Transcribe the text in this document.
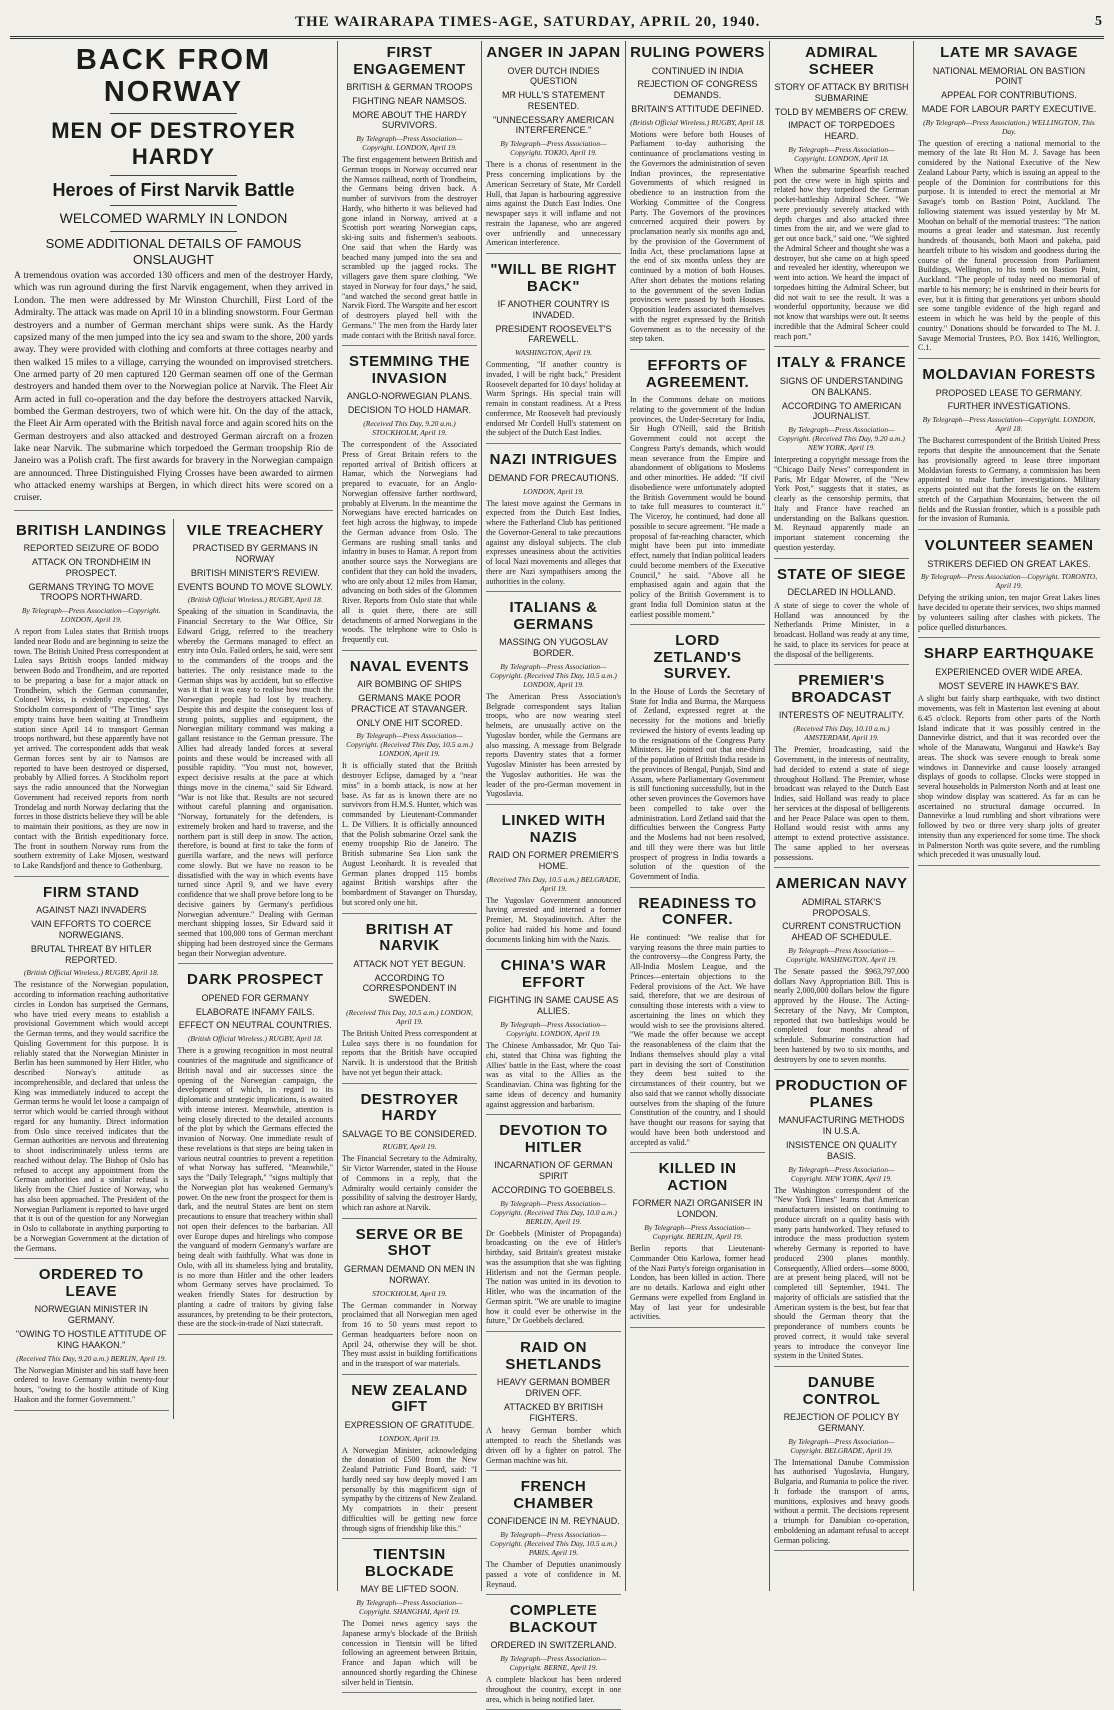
THE WAIRARAPA TIMES-AGE, SATURDAY, APRIL 20, 1940.	5
BACK FROM NORWAY
MEN OF DESTROYER HARDY
Heroes of First Narvik Battle
WELCOMED WARMLY IN LONDON
SOME ADDITIONAL DETAILS OF FAMOUS ONSLAUGHT

A tremendous ovation was accorded 130 officers and men of the destroyer Hardy, which was run aground during the first Narvik engagement, when they arrived in London. The men were addressed by Mr Winston Churchill, First Lord of the Admiralty. The attack was made on April 10 in a blinding snowstorm. Four German destroyers and a number of German merchant ships were sunk. As the Hardy capsized many of the men jumped into the icy sea and swam to the shore, 200 yards away. They were provided with clothing and comforts at three cottages nearby and then walked 15 miles to a village, carrying the wounded on improvised stretchers. One armed party of 20 men captured 120 German seamen off one of the German destroyers and handed them over to the Norwegian police at Narvik. The Fleet Air Arm acted in full co-operation and the day before the destroyers attacked Narvik, bombed the German destroyers, two of which were hit. On the day of the attack, the Fleet Air Arm operated with the British naval force and again scored hits on the German destroyers and also attacked and destroyed German aircraft on a frozen lake near Narvik. The submarine which torpedoed the German troopship Rio de Janeiro was a Polish craft. The first awards for bravery in the Norwegian campaign are announced. Three Distinguished Flying Crosses have been awarded to airmen who attacked enemy warships at Bergen, in which direct hits were scored on a cruiser.

BRITISH LANDINGS
REPORTED SEIZURE OF BODO
ATTACK ON TRONDHEIM IN PROSPECT.
GERMANS TRYING TO MOVE TROOPS NORTHWARD.
By Telegraph—Press Association—Copyright. LONDON, April 19.

A report from Lulea states that British troops landed near Bodo and are beginning to seize the town. The British United Press correspondent at Lulea says British troops landed midway between Bodo and Trondheim, and are reported to be preparing a base for a major attack on Trondheim, which the German commander, Colonel Weiss, is evidently expecting. The Stockholm correspondent of "The Times" says empty trains have been waiting at Trondheim station since April 14 to transport German troops northward, but these apparently have not yet arrived. The correspondent adds that weak German forces sent by air to Namsos are reported to have been destroyed or dispersed, probably by Allied forces. A Stockholm report says the radio announced that the Norwegian Government had received reports from north Trondelag and north Norway declaring that the forces in those districts believe they will be able to maintain their positions, as they are now in contact with the British expeditionary force. The front in southern Norway runs from the southern extremity of Lake Mjosen, westward to Lake Randsfjord and thence to Gothenburg.

FIRM STAND
AGAINST NAZI INVADERS
VAIN EFFORTS TO COERCE NORWEGIANS.
BRUTAL THREAT BY HITLER REPORTED.
(British Official Wireless.) RUGBY, April 18.

The resistance of the Norwegian population, according to information reaching authoritative circles in London has surprised the Germans, who have tried every means to establish a provisional Government which would accept the German terms, and they would sacrifice the Quisling Government for this purpose. It is reliably stated that the Norwegian Minister in Berlin has been summoned by Herr Hitler, who described Norway's attitude as incomprehensible, and declared that unless the King was immediately induced to accept the German terms he would let loose a campaign of terror which would be carried through without regard for any humanity. Direct information from Oslo since received indicates that the German authorities are nervous and threatening to shoot indiscriminately unless terms are reached without delay. The Bishop of Oslo has refused to accept any appointment from the German authorities and a similar refusal is likely from the Chief Justice of Norway, who has also been approached. The President of the Norwegian Parliament is reported to have urged that it is out of the question for any Norwegian in Oslo to collaborate in anything purporting to be a Norwegian Government at the dictation of the Germans.

ORDERED TO LEAVE
NORWEGIAN MINISTER IN GERMANY.
"OWING TO HOSTILE ATTITUDE OF KING HAAKON."
(Received This Day, 9.20 a.m.) BERLIN, April 19.

The Norwegian Minister and his staff have been ordered to leave Germany within twenty-four hours, "owing to the hostile attitude of King Haakon and the former Government."

VILE TREACHERY
PRACTISED BY GERMANS IN NORWAY
BRITISH MINISTER'S REVIEW.
EVENTS BOUND TO MOVE SLOWLY.
(British Official Wireless.) RUGBY, April 18.

Speaking of the situation in Scandinavia, the Financial Secretary to the War Office, Sir Edward Grigg, referred to the treachery whereby the Germans managed to effect an entry into Oslo. Failed orders, he said, were sent to the commanders of the troops and the batteries. The only resistance made to the German ships was by accident, but so effective was it that it was easy to realise how much the Norwegian people had lost by treachery. Despite this and despite the consequent loss of strong points, supplies and equipment, the Norwegian military command was making a gallant resistance to the German pressure. The Allies had already landed forces at several points and these would be increased with all possible rapidity. "You must not, however, expect decisive results at the pace at which things move in the cinema," said Sir Edward. "War is not like that. Results are not secured without careful planning and organisation. "Norway, fortunately for the defenders, is extremely broken and hard to traverse, and the northern part is still deep in snow. The action, therefore, is bound at first to take the form of guerilla warfare, and the news will perforce come slowly. But we have no reason to be dissatisfied with the way in which events have turned since April 9, and we have every confidence that we shall prove before long to be decisive gainers by Germany's perfidious Norwegian adventure." Dealing with German merchant shipping losses, Sir Edward said it seemed that 100,000 tons of German merchant shipping had been destroyed since the Germans began their Norwegian adventure.

DARK PROSPECT
OPENED FOR GERMANY
ELABORATE INFAMY FAILS.
EFFECT ON NEUTRAL COUNTRIES.
(British Official Wireless.) RUGBY, April 18.

There is a growing recognition in most neutral countries of the magnitude and significance of British naval and air successes since the opening of the Norwegian campaign, the development of which, in regard to its diplomatic and strategic implications, is awaited with intense interest. Meanwhile, attention is being closely directed to the detailed accounts of the plot by which the Germans effected the invasion of Norway. One immediate result of these revelations is that steps are being taken in various neutral countries to prevent a repetition of what Norway has suffered. "Meanwhile," says the "Daily Telegraph," "signs multiply that the Norwegian plot has weakened Germany's power. On the new front the prospect for them is dark, and the neutral States are bent on stern precautions to ensure that treachery within shall not open their defences to the barbarian. All over Europe dupes and hirelings who compose the vanguard of modern Germany's warfare are being dealt with faithfully. What was done in Oslo, with all its shameless lying and brutality, is no more than Hitler and the other leaders whom Germany serves have proclaimed. To weaken friendly States for destruction by planting a cadre of traitors by giving false assurances, by pretending to be their protectors, these are the stock-in-trade of Nazi statecraft.

FIRST ENGAGEMENT
BRITISH & GERMAN TROOPS
FIGHTING NEAR NAMSOS.
MORE ABOUT THE HARDY SURVIVORS.
By Telegraph—Press Association—Copyright. LONDON, April 19.

The first engagement between British and German troops in Norway occurred near the Namsos railhead, north of Trondheim, the Germans being driven back. A number of survivors from the destroyer Hardy, who hitherto it was believed had gone inland in Norway, arrived at a Scottish port wearing Norwegian caps, ski-ing suits and fishermen's seaboots. One said that when the Hardy was beached many jumped into the sea and scrambled up the jagged rocks. The villagers gave them spare clothing. "We stayed in Norway for four days," he said, "and watched the second great battle in Narvik Fiord. The Warspite and her escort of destroyers played hell with the Germans." The men from the Hardy later made contact with the British naval force.

STEMMING THE INVASION
ANGLO-NORWEGIAN PLANS.
DECISION TO HOLD HAMAR.
(Received This Day, 9.20 a.m.) STOCKHOLM, April 19.

The correspondent of the Associated Press of Great Britain refers to the reported arrival of British officers at Hamar, which the Norwegians had prepared to evacuate, for an Anglo-Norwegian offensive farther northward, probably at Elverum. In the meantime the Norwegians have erected barricades on feet high across the highway, to impede the German advance from Oslo. The Germans are rushing small tanks and infantry in buses to Hamar. A report from another source says the Norwegians are confident that they can hold the invaders, who are only about 12 miles from Hamar, advancing on both sides of the Glommen River. Reports from Oslo state that while all is quiet there, there are still detachments of armed Norwegians in the woods. The telephone wire to Oslo is frequently cut.

NAVAL EVENTS
AIR BOMBING OF SHIPS
GERMANS MAKE POOR PRACTICE AT STAVANGER.
ONLY ONE HIT SCORED.
By Telegraph—Press Association—Copyright. (Received This Day, 10.5 a.m.) LONDON, April 19.

It is officially stated that the British destroyer Eclipse, damaged by a "near miss" in a bomb attack, is now at her base. As far as is known there are no survivors from H.M.S. Hunter, which was commanded by Lieutenant-Commander L. De Villiers. It is officially announced that the Polish submarine Orzel sank the enemy troopship Rio de Janeiro. The British submarine Sea Lion sank the August Leonhardt. It is revealed that German planes dropped 115 bombs against British warships after the bombardment of Stavanger on Thursday, but scored only one hit.

BRITISH AT NARVIK
ATTACK NOT YET BEGUN.
ACCORDING TO CORRESPONDENT IN SWEDEN.
(Received This Day, 10.5 a.m.) LONDON, April 19.

The British United Press correspondent at Lulea says there is no foundation for reports that the British have occupied Narvik. It is understood that the British have not yet begun their attack.

DESTROYER HARDY
SALVAGE TO BE CONSIDERED.
RUGBY, April 19.

The Financial Secretary to the Admiralty, Sir Victor Warrender, stated in the House of Commons in a reply, that the Admiralty would certainly consider the possibility of salving the destroyer Hardy, which ran ashore at Narvik.

SERVE OR BE SHOT
GERMAN DEMAND ON MEN IN NORWAY.
STOCKHOLM, April 19.

The German commander in Norway proclaimed that all Norwegian men aged from 16 to 50 years must report to German headquarters before noon on April 24, otherwise they will be shot. They must assist in building fortifications and in the transport of war materials.

NEW ZEALAND GIFT
EXPRESSION OF GRATITUDE.
LONDON, April 19.

A Norwegian Minister, acknowledging the donation of £500 from the New Zealand Patriotic Fund Board, said: "I hardly need say how deeply moved I am personally by this magnificent sign of sympathy by the citizens of New Zealand. My compatriots in their present difficulties will be getting new force through signs of friendship like this."

TIENTSIN BLOCKADE
MAY BE LIFTED SOON.
By Telegraph—Press Association—Copyright. SHANGHAI, April 19.

The Domei news agency says the Japanese army's blockade of the British concession in Tientsin will be lifted following an agreement between Britain, France and Japan which will be announced shortly regarding the Chinese silver held in Tientsin.

ANGER IN JAPAN
OVER DUTCH INDIES QUESTION
MR HULL'S STATEMENT RESENTED.
"UNNECESSARY AMERICAN INTERFERENCE."
By Telegraph—Press Association—Copyright. TOKIO, April 19.

There is a chorus of resentment in the Press concerning implications by the American Secretary of State, Mr Cordell Hull, that Japan is harbouring aggressive aims against the Dutch East Indies. One newspaper says it will inflame and not restrain the Japanese, who are angered over unfriendly and unnecessary American interference.

"WILL BE RIGHT BACK"
IF ANOTHER COUNTRY IS INVADED.
PRESIDENT ROOSEVELT'S FAREWELL.
WASHINGTON, April 19.

Commenting, "If another country is invaded, I will be right back," President Roosevelt departed for 10 days' holiday at Warm Springs. His special train will remain in constant readiness. At a Press conference, Mr Roosevelt had previously endorsed Mr Cordell Hull's statement on the subject of the Dutch East Indies.

NAZI INTRIGUES
DEMAND FOR PRECAUTIONS.
LONDON, April 19.

The latest move against the Germans in expected from the Dutch East Indies, where the Fatherland Club has petitioned the Governor-General to take precautions against any disloyal subjects. The club expresses uneasiness about the activities of local Nazi movements and alleges that there are Nazi sympathisers among the authorities in the colony.

ITALIANS & GERMANS
MASSING ON YUGOSLAV BORDER.
By Telegraph—Press Association—Copyright. (Received This Day, 10.5 a.m.) LONDON, April 19.

The American Press Association's Belgrade correspondent says Italian troops, who are now wearing steel helmets, are unusually active on the Yugoslav border, while the Germans are also massing. A message from Belgrade reports Daventry states that a former Yugoslav Minister has been arrested by the Yugoslav authorities. He was the leader of the pro-German movement in Yugoslavia.

LINKED WITH NAZIS
RAID ON FORMER PREMIER'S HOME.
(Received This Day, 10.5 a.m.) BELGRADE, April 19.

The Yugoslav Government announced having arrested and interned a former Premier, M. Stoyadinovitch. After the police had raided his home and found documents linking him with the Nazis.

CHINA'S WAR EFFORT
FIGHTING IN SAME CAUSE AS ALLIES.
By Telegraph—Press Association—Copyright. LONDON, April 19.

The Chinese Ambassador, Mr Quo Tai-chi, stated that China was fighting the Allies' battle in the East, where the coast was as vital to the Allies as the Scandinavian. China was fighting for the same ideas of decency and humanity against aggression and barbarism.

DEVOTION TO HITLER
INCARNATION OF GERMAN SPIRIT
ACCORDING TO GOEBBELS.
By Telegraph—Press Association—Copyright. (Received This Day, 10.0 a.m.) BERLIN, April 19.

Dr Goebbels (Minister of Propaganda) broadcasting on the eve of Hitler's birthday, said Britain's greatest mistake was the assumption that she was fighting Hitlerism and not the German people. The nation was united in its devotion to Hitler, who was the incarnation of the German spirit. "We are unable to imagine how it could ever be otherwise in the future," Dr Goebbels declared.

RAID ON SHETLANDS
HEAVY GERMAN BOMBER DRIVEN OFF.
ATTACKED BY BRITISH FIGHTERS.

A heavy German bomber which attempted to reach the Shetlands was driven off by a fighter on patrol. The German machine was hit.

FRENCH CHAMBER
CONFIDENCE IN M. REYNAUD.
By Telegraph—Press Association—Copyright. (Received This Day, 10.5 a.m.) PARIS, April 19.

The Chamber of Deputies unanimously passed a vote of confidence in M. Reynaud.

COMPLETE BLACKOUT
ORDERED IN SWITZERLAND.
By Telegraph—Press Association—Copyright. BERNE, April 19.

A complete blackout has been ordered throughout the country, except in one area, which is being notified later.

RULING POWERS
CONTINUED IN INDIA
REJECTION OF CONGRESS DEMANDS.
BRITAIN'S ATTITUDE DEFINED.
(British Official Wireless.) RUGBY, April 18.

Motions were before both Houses of Parliament to-day authorising the continuance of proclamations vesting in the Governors the administration of seven Indian provinces, the representative Governments of which resigned in obedience to an instruction from the Working Committee of the Congress Party. The Governors of the provinces concerned acquired their powers by proclamation nearly six months ago and, by the provision of the Government of India Act, these proclamations lapse at the end of six months unless they are continued by a motion of both Houses. After short debates the motions relating to the government of the seven Indian provinces were passed by both Houses. Opposition leaders associated themselves with the regret expressed by the British Government as to the necessity of the step taken.

EFFORTS OF AGREEMENT.

In the Commons debate on motions relating to the government of the Indian provinces, the Under-Secretary for India, Sir Hugh O'Neill, said the British Government could not accept the Congress Party's demands, which would mean severance from the Empire and abandonment of obligations to Moslems and other minorities. He added: "If civil disobedience were unfortunately adopted the British Government would be bound to take full measures to counteract it." The Viceroy, he continued, had done all possible to secure agreement. "He made a proposal of far-reaching character, which might have been put into immediate effect, namely that Indian political leaders could become members of the Executive Council," he said. "Above all he emphasised again and again that the policy of the British Government is to grant India full Dominion status at the earliest possible moment."

LORD ZETLAND'S SURVEY.

In the House of Lords the Secretary of State for India and Burma, the Marquess of Zetland, expressed regret at the necessity for the motions and briefly reviewed the history of events leading up to the resignations of the Congress Party Ministers. He pointed out that one-third of the population of British India reside in the provinces of Bengal, Punjab, Sind and Assam, where Parliamentary Government is still functioning successfully, but in the other seven provinces the Governors have been compelled to take over the administration. Lord Zetland said that the difficulties between the Congress Party and the Moslems had not been resolved, and till they were there was but little prospect of progress in India towards a solution of the question of the Government of India.

READINESS TO CONFER.

He continued: "We realise that for varying reasons the three main parties to the controversy—the Congress Party, the All-India Moslem League, and the Princes—entertain objections to the Federal provisions of the Act. We have said, therefore, that we are desirous of consulting those interests with a view to ascertaining the lines on which they would wish to see the provisions altered. "We made the offer because we accept the reasonableness of the claim that the Indians themselves should play a vital part in devising the sort of Constitution they deem best suited to the circumstances of their country, but we also said that we cannot wholly dissociate ourselves from the shaping of the future Constitution of the country, and I should have thought our reasons for saying that would have been both understood and accepted as valid."

KILLED IN ACTION
FORMER NAZI ORGANISER IN LONDON.
By Telegraph—Press Association—Copyright. BERLIN, April 19.

Berlin reports that Lieutenant-Commander Otto Karlowa, former head of the Nazi Party's foreign organisation in London, has been killed in action. There are no details. Karlowa and eight other Germans were expelled from England in May of last year for undesirable activities.

ADMIRAL SCHEER
STORY OF ATTACK BY BRITISH SUBMARINE
TOLD BY MEMBERS OF CREW.
IMPACT OF TORPEDOES HEARD.
By Telegraph—Press Association—Copyright. LONDON, April 18.

When the submarine Spearfish reached port the crew were in high spirits and related how they torpedoed the German pocket-battleship Admiral Scheer. "We were previously severely attacked with depth charges and also attacked three times from the air, and we were glad to get out once back," said one. "We sighted the Admiral Scheer and thought she was a destroyer, but she came on at high speed and revealed her identity, whereupon we went into action. We heard the impact of torpedoes hitting the Admiral Scheer, but did not wait to see the result. It was a wonderful opportunity, because we did not know that warships were out. It seems incredible that the Admiral Scheer could reach port."

ITALY & FRANCE
SIGNS OF UNDERSTANDING ON BALKANS.
ACCORDING TO AMERICAN JOURNALIST.
By Telegraph—Press Association—Copyright. (Received This Day, 9.20 a.m.) NEW YORK, April 19.

Interpreting a copyright message from the "Chicago Daily News" correspondent in Paris, Mr Edgar Mowrer, of the "New York Post," suggests that it states, as clearly as the censorship permits, that Italy and France have reached an understanding on the Balkans question. M. Reynaud apparently made an important statement concerning the question yesterday.

STATE OF SIEGE
DECLARED IN HOLLAND.

A state of siege to cover the whole of Holland was announced by the Netherlands Prime Minister, in a broadcast. Holland was ready at any time, he said, to place its services for peace at the disposal of the belligerents.

PREMIER'S BROADCAST
INTERESTS OF NEUTRALITY.
(Received This Day, 10.10 a.m.) AMSTERDAM, April 19.

The Premier, broadcasting, said the Government, in the interests of neutrality, had decided to extend a state of siege throughout Holland. The Premier, whose broadcast was relayed to the Dutch East Indies, said Holland was ready to place her services at the disposal of belligerents and her Peace Palace was open to them. Holland would resist with arms any attempt to extend protective assistance. The same applied to her overseas possessions.

AMERICAN NAVY
ADMIRAL STARK'S PROPOSALS.
CURRENT CONSTRUCTION AHEAD OF SCHEDULE.
By Telegraph—Press Association—Copyright. WASHINGTON, April 19.

The Senate passed the $963,797,000 dollars Navy Appropriation Bill. This is nearly 2,000,000 dollars below the figure approved by the House. The Acting-Secretary of the Navy, Mr Compton, reported that two battleships would be completed four months ahead of schedule. Submarine construction had been hastened by two to six months, and destroyers by one to seven months.

PRODUCTION OF PLANES
MANUFACTURING METHODS IN U.S.A.
INSISTENCE ON QUALITY BASIS.
By Telegraph—Press Association—Copyright. NEW YORK, April 19.

The Washington correspondent of the "New York Times" learns that American manufacturers insisted on continuing to produce aircraft on a quality basis with many parts handworked. They refused to introduce the mass production system whereby Germany is reported to have produced 2300 planes monthly. Consequently, Allied orders—some 8000, are at present being placed, will not be completed till September, 1941. The majority of officials are satisfied that the American system is the best, but fear that should the German theory that the preponderance of numbers counts be proved correct, it would take several years to introduce the conveyor line system in the United States.

DANUBE CONTROL
REJECTION OF POLICY BY GERMANY.
By Telegraph—Press Association—Copyright. BELGRADE, April 19.

The International Danube Commission has authorised Yugoslavia, Hungary, Bulgaria, and Rumania to police the river. It forbade the transport of arms, munitions, explosives and heavy goods without a permit. The decisions represent a triumph for Danubian co-operation, emboldening an adamant refusal to accept German policing.

LATE MR SAVAGE
NATIONAL MEMORIAL ON BASTION POINT
APPEAL FOR CONTRIBUTIONS.
MADE FOR LABOUR PARTY EXECUTIVE.
(By Telegraph—Press Association.) WELLINGTON, This Day.

The question of erecting a national memorial to the memory of the late Rt Hon M. J. Savage has been considered by the National Executive of the New Zealand Labour Party, which is issuing an appeal to the people of the Dominion for contributions for this purpose. It is intended to erect the memorial at Mr Savage's tomb on Bastion Point, Auckland. The following statement was issued yesterday by Mr M. Moohan on behalf of the memorial trustees: "The nation mourns a great leader and statesman. Just recently hundreds of thousands, both Maori and pakeha, paid heartfelt tribute to his wisdom and goodness during the course of the funeral procession from Parliament Buildings, Wellington, to his tomb on Bastion Point, Auckland. "The people of today need no memorial of marble to his memory; he is enshrined in their hearts for ever, but it is fitting that generations yet unborn should see some tangible evidence of the high regard and esteem in which he was held by the people of this country." Donations should be forwarded to The M. J. Savage Memorial Trustees, P.O. Box 1416, Wellington, C.1.

MOLDAVIAN FORESTS
PROPOSED LEASE TO GERMANY.
FURTHER INVESTIGATIONS.
By Telegraph—Press Association—Copyright. LONDON, April 18.

The Bucharest correspondent of the British United Press reports that despite the announcement that the Senate has provisionally agreed to lease three important Moldavian forests to Germany, a commission has been appointed to make further investigations. Military experts pointed out that the forests lie on the eastern stretch of the Carpathian Mountains, between the oil fields and the Russian frontier, which is a possible path for the invasion of Rumania.

VOLUNTEER SEAMEN
STRIKERS DEFIED ON GREAT LAKES.
By Telegraph—Press Association—Copyright. TORONTO, April 19.

Defying the striking union, ten major Great Lakes lines have decided to operate their services, two ships manned by volunteers sailing after clashes with pickets. The police quelled disturbances.

SHARP EARTHQUAKE
EXPERIENCED OVER WIDE AREA.
MOST SEVERE IN HAWKE'S BAY.

A slight but fairly sharp earthquake, with two distinct movements, was felt in Masterton last evening at about 6.45 o'clock. Reports from other parts of the North Island indicate that it was possibly centred in the Dannevirke district, and that it was recorded over the whole of the Manawatu, Wanganui and Hawke's Bay areas. The shock was severe enough to break some windows in Dannevirke and cause loosely arranged displays of goods to collapse. Clocks were stopped in several households in Palmerston North and at least one shop window display was scattered. As far as can be ascertained no structural damage occurred. In Dannevirke a loud rumbling and short vibrations were followed by two or three very sharp jolts of greater intensity than any experienced for some time. The shock in Palmerston North was quite severe, and the rumbling which preceded it was unusually loud.
